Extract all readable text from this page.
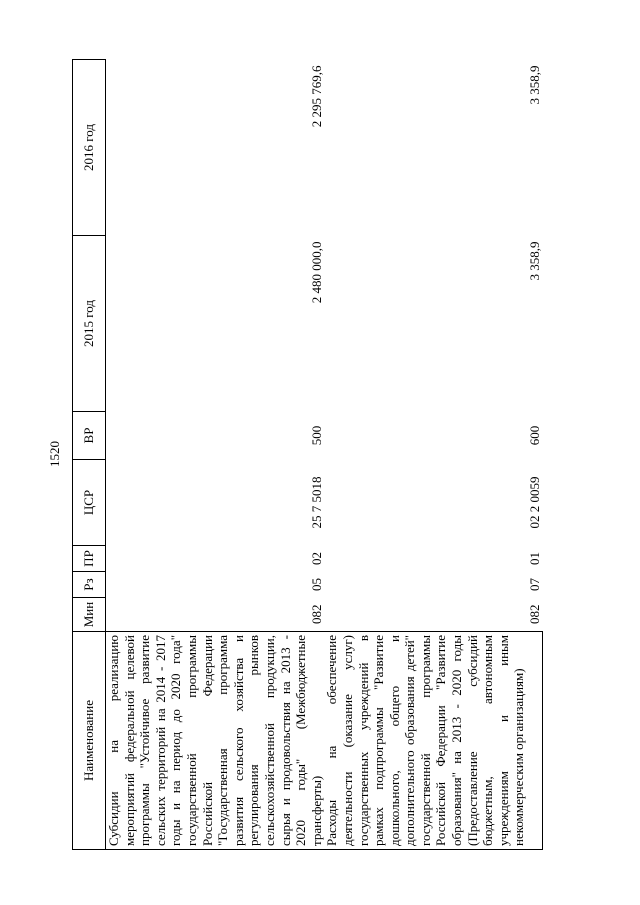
1520
Наименование	Мин	Рз	ПР	ЦСР	ВР	2015 год	2016 год
Субсидии на реализацию мероприятий федеральной целевой программы "Устойчивое развитие сельских территорий на 2014 - 2017 годы и на период до 2020 года" государственной программы Российской Федерации "Государственная программа развития сельского хозяйства и регулирования рынков сельскохозяйственной продукции, сырья и продовольствия на 2013 - 2020 годы" (Межбюджетные трансферты)	082	05	02	25 7 5018	500	2 480 000,0	2 295 769,6
Расходы на обеспечение деятельности (оказание услуг) государственных учреждений в рамках подпрограммы "Развитие дошкольного, общего и дополнительного образования детей" государственной программы Российской Федерации "Развитие образования" на 2013 - 2020 годы (Предоставление субсидий бюджетным, автономным учреждениям и иным некоммерческим организациям)	082	07	01	02 2 0059	600	3 358,9	3 358,9
